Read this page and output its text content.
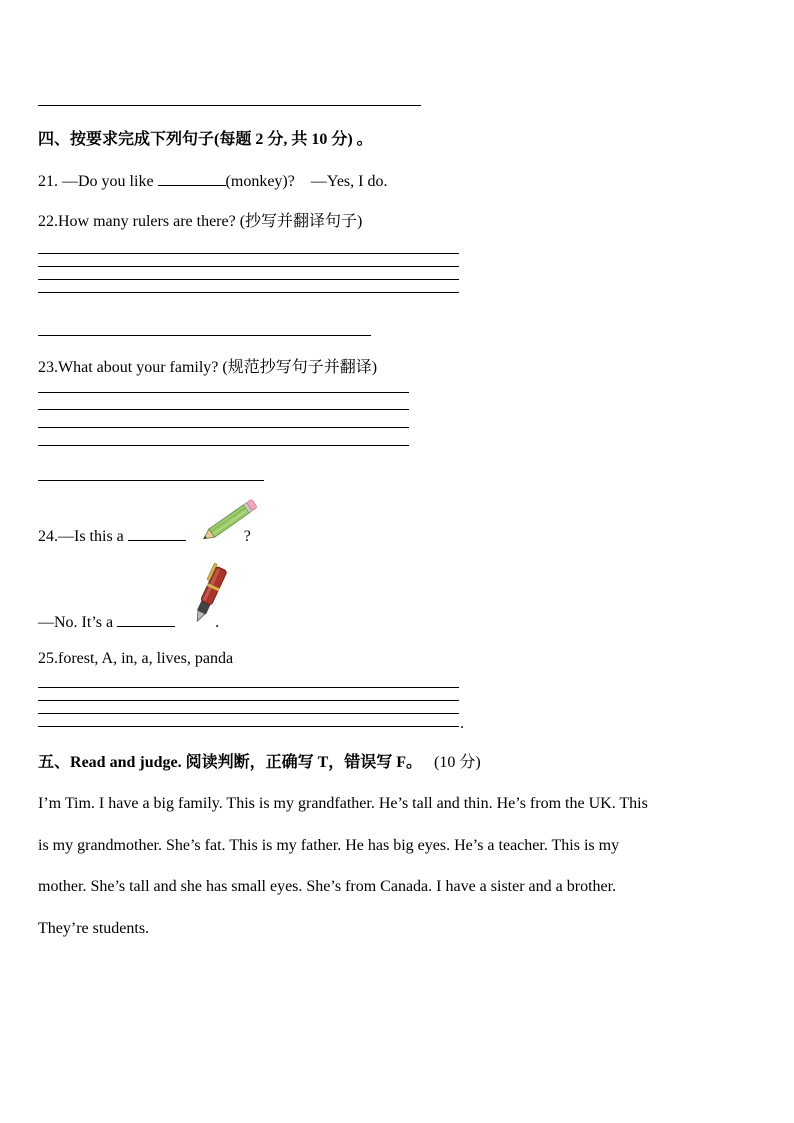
四、按要求完成下列句子(每题 2 分, 共 10 分) 。
21. —Do you like	(monkey)? —Yes, I do.
22.How many rulers are there? (抄写并翻译句子)
23.What about your family? (规范抄写句子并翻译)
24.—Is this a	?
—No. It’s a	.
25.forest, A, in, a, lives, panda
.
五、Read and judge. 阅读判断，正确写 T，错误写 F。 (10 分)
I’m Tim. I have a big family. This is my grandfather. He’s tall and thin. He’s from the UK. This
is my grandmother. She’s fat. This is my father. He has big eyes. He’s a teacher. This is my
mother. She’s tall and she has small eyes. She’s from Canada. I have a sister and a brother.
They’re students.
